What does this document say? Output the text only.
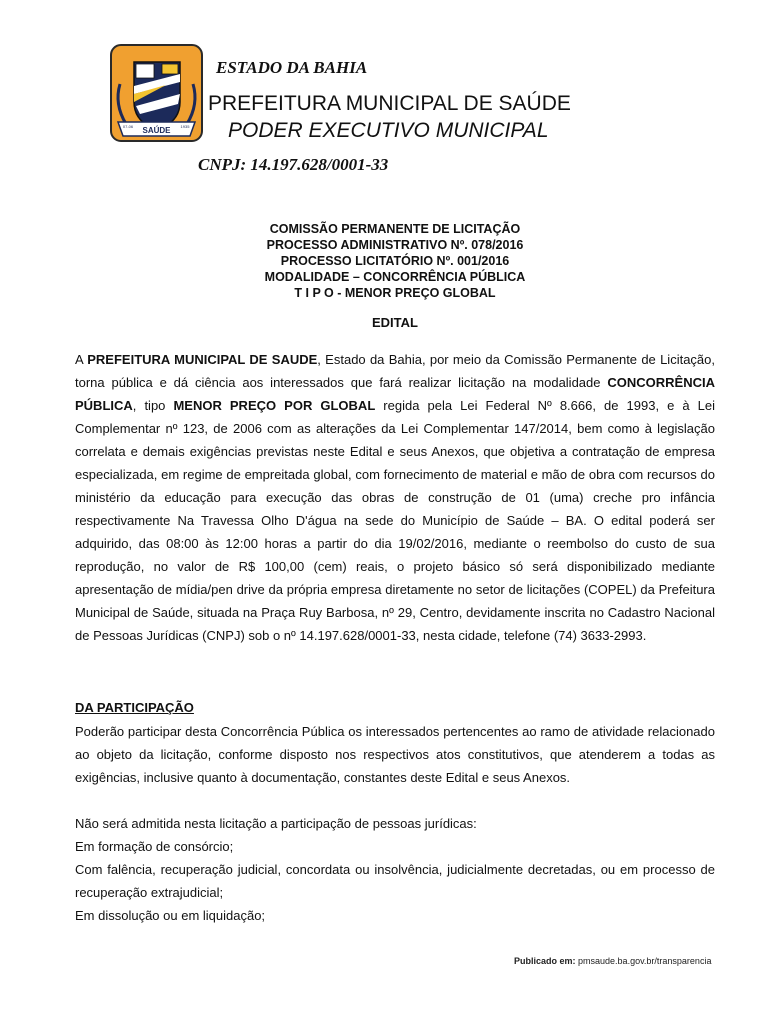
SAÚDE
07-06	1935
ESTADO DA BAHIA
PREFEITURA MUNICIPAL DE SAÚDE
PODER EXECUTIVO MUNICIPAL
CNPJ: 14.197.628/0001-33
COMISSÃO PERMANENTE DE LICITAÇÃO
PROCESSO ADMINISTRATIVO Nº. 078/2016
PROCESSO LICITATÓRIO Nº. 001/2016
MODALIDADE – CONCORRÊNCIA PÚBLICA
T I P O - MENOR PREÇO GLOBAL
EDITAL
A PREFEITURA MUNICIPAL DE SAUDE, Estado da Bahia, por meio da Comissão Permanente de Licitação, torna pública e dá ciência aos interessados que fará realizar licitação na modalidade CONCORRÊNCIA PÚBLICA, tipo MENOR PREÇO POR GLOBAL regida pela Lei Federal Nº 8.666, de 1993, e à Lei Complementar nº 123, de 2006 com as alterações da Lei Complementar 147/2014, bem como à legislação correlata e demais exigências previstas neste Edital e seus Anexos, que objetiva a contratação de empresa especializada, em regime de empreitada global, com fornecimento de material e mão de obra com recursos do ministério da educação para execução das obras de construção de 01 (uma) creche pro infância respectivamente Na Travessa Olho D'água na sede do Município de Saúde – BA. O edital poderá ser adquirido, das 08:00 às 12:00 horas a partir do dia 19/02/2016, mediante o reembolso do custo de sua reprodução, no valor de R$ 100,00 (cem) reais, o projeto básico só será disponibilizado mediante apresentação de mídia/pen drive da própria empresa diretamente no setor de licitações (COPEL) da Prefeitura Municipal de Saúde, situada na Praça Ruy Barbosa, nº 29, Centro, devidamente inscrita no Cadastro Nacional de Pessoas Jurídicas (CNPJ) sob o nº 14.197.628/0001-33, nesta cidade, telefone (74) 3633-2993.
DA PARTICIPAÇÃO
Poderão participar desta Concorrência Pública os interessados pertencentes ao ramo de atividade relacionado ao objeto da licitação, conforme disposto nos respectivos atos constitutivos, que atenderem a todas as exigências, inclusive quanto à documentação, constantes deste Edital e seus Anexos.
Não será admitida nesta licitação a participação de pessoas jurídicas:
Em formação de consórcio;
Com falência, recuperação judicial, concordata ou insolvência, judicialmente decretadas, ou em processo de recuperação extrajudicial;
Em dissolução ou em liquidação;
Publicado em: pmsaude.ba.gov.br/transparencia
